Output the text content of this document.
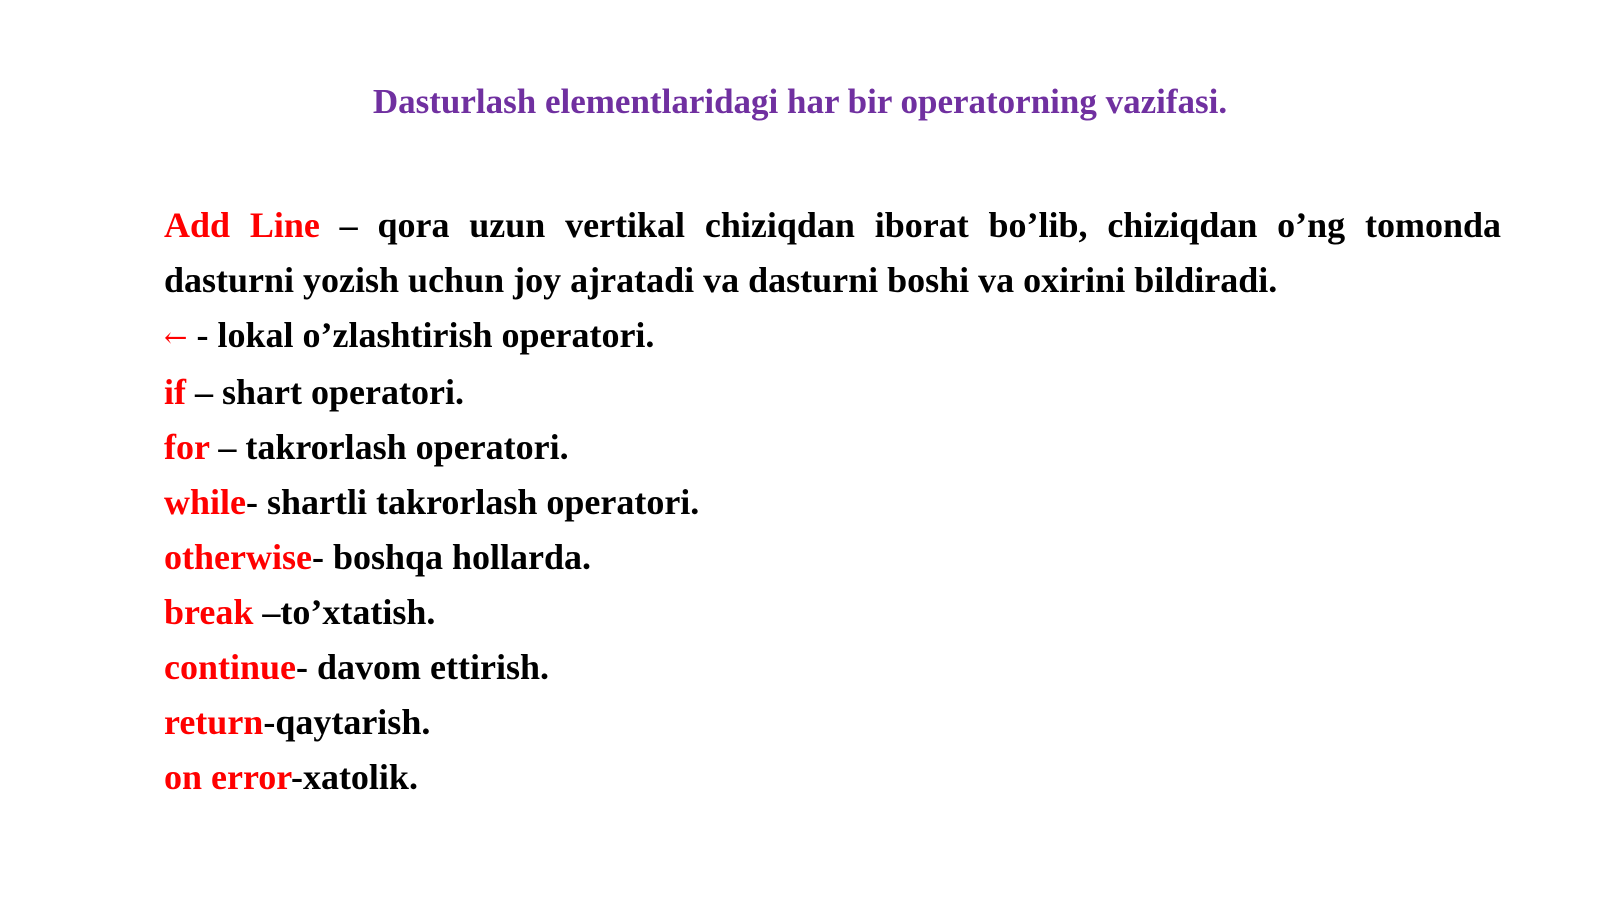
Dasturlash elementlaridagi har bir operatorning vazifasi.

Add Line – qora uzun vertikal chiziqdan iborat bo’lib, chiziqdan o’ng tomonda dasturni yozish uchun joy ajratadi va dasturni boshi va oxirini bildiradi.

← - lokal o’zlashtirish operatori.

if – shart operatori.

for – takrorlash operatori.

while- shartli takrorlash operatori.

otherwise- boshqa hollarda.

break –to’xtatish.

continue- davom ettirish.

return-qaytarish.

on error-xatolik.
